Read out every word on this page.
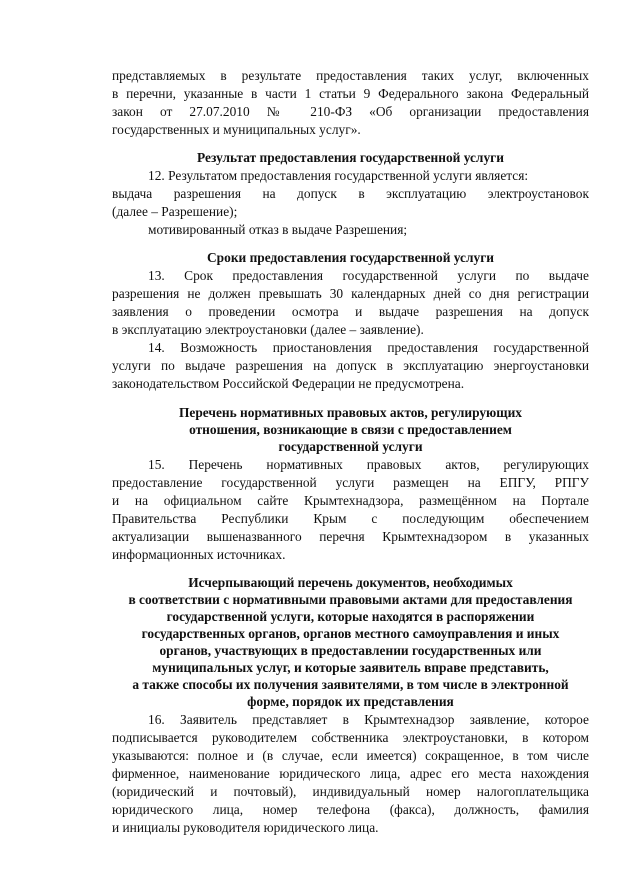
представляемых в результате предоставления таких услуг, включенных
в перечни, указанные в части 1 статьи 9 Федерального закона Федеральный
закон от 27.07.2010 № 210-ФЗ «Об организации предоставления
государственных и муниципальных услуг».
Результат предоставления государственной услуги
12. Результатом предоставления государственной услуги является:
выдача разрешения на допуск в эксплуатацию электроустановок
(далее – Разрешение);
мотивированный отказ в выдаче Разрешения;
Сроки предоставления государственной услуги
13. Срок предоставления государственной услуги по выдаче
разрешения не должен превышать 30 календарных дней со дня регистрации
заявления о проведении осмотра и выдаче разрешения на допуск
в эксплуатацию электроустановки (далее – заявление).
14. Возможность приостановления предоставления государственной
услуги по выдаче разрешения на допуск в эксплуатацию энергоустановки
законодательством Российской Федерации не предусмотрена.
Перечень нормативных правовых актов, регулирующих
отношения, возникающие в связи с предоставлением
государственной услуги
15. Перечень нормативных правовых актов, регулирующих
предоставление государственной услуги размещен на ЕПГУ, РПГУ
и на официальном сайте Крымтехнадзора, размещённом на Портале
Правительства Республики Крым с последующим обеспечением
актуализации вышеназванного перечня Крымтехнадзором в указанных
информационных источниках.
Исчерпывающий перечень документов, необходимых
в соответствии с нормативными правовыми актами для предоставления
государственной услуги, которые находятся в распоряжении
государственных органов, органов местного самоуправления и иных
органов, участвующих в предоставлении государственных или
муниципальных услуг, и которые заявитель вправе представить,
а также способы их получения заявителями, в том числе в электронной
форме, порядок их представления
16. Заявитель представляет в Крымтехнадзор заявление, которое
подписывается руководителем собственника электроустановки, в котором
указываются: полное и (в случае, если имеется) сокращенное, в том числе
фирменное, наименование юридического лица, адрес его места нахождения
(юридический и почтовый), индивидуальный номер налогоплательщика
юридического лица, номер телефона (факса), должность, фамилия
и инициалы руководителя юридического лица.
